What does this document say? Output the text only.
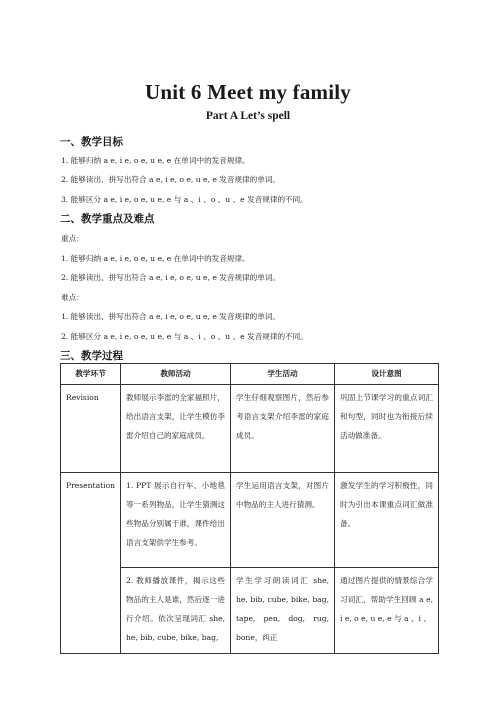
Unit 6 Meet my family
Part A Let’s spell
一、教学目标
1. 能够归纳 a e, i e, o e, u e, e 在单词中的发音规律。
2. 能够读出、拼写出符合 a e, i e, o e, u e, e 发音规律的单词。
3. 能够区分 a e, i e, o e, u e, e 与 a 、i 、o 、u 、e 发音规律的不同。
二、教学重点及难点
重点：
1. 能够归纳 a e, i e, o e, u e, e 在单词中的发音规律。
2. 能够读出、拼写出符合 a e, i e, o e, u e, e 发音规律的单词。
难点：
1. 能够读出、拼写出符合 a e, i e, o e, u e, e 发音规律的单词。
2. 能够区分 a e, i e, o e, u e, e 与 a 、i 、o 、u 、e 发音规律的不同。
三、教学过程
教学环节	教师活动	学生活动	设计意图

Revision	教师展示李雷的全家福照片，给出语言支架，让学生模仿李雷介绍自己的家庭成员。	学生仔细观察图片，然后参考语言支架介绍李雷的家庭成员。	巩固上节课学习的重点词汇和句型，同时也为衔接后续活动做准备。

Presentation	1. PPT 展示自行车、小地毯等一系列物品，让学生猜测这些物品分别属于谁，课件给出语言支架供学生参考。	学生运用语言支架，对图片中物品的主人进行猜测。	激发学生的学习积极性，同时为引出本课重点词汇做准备。

	2. 教师播放课件，揭示这些物品的主人是谁，然后逐一进行介绍。依次呈现词汇 she, he, bib, cube, bike, bag,	学生学习朗读词汇 she, he, bib, cube, bike, bag, tape, pen, dog, rug, bone，纠正	通过图片提供的情景综合学习词汇，帮助学生回顾 a e, i e, o e, u e, e 与 a 、i 、
